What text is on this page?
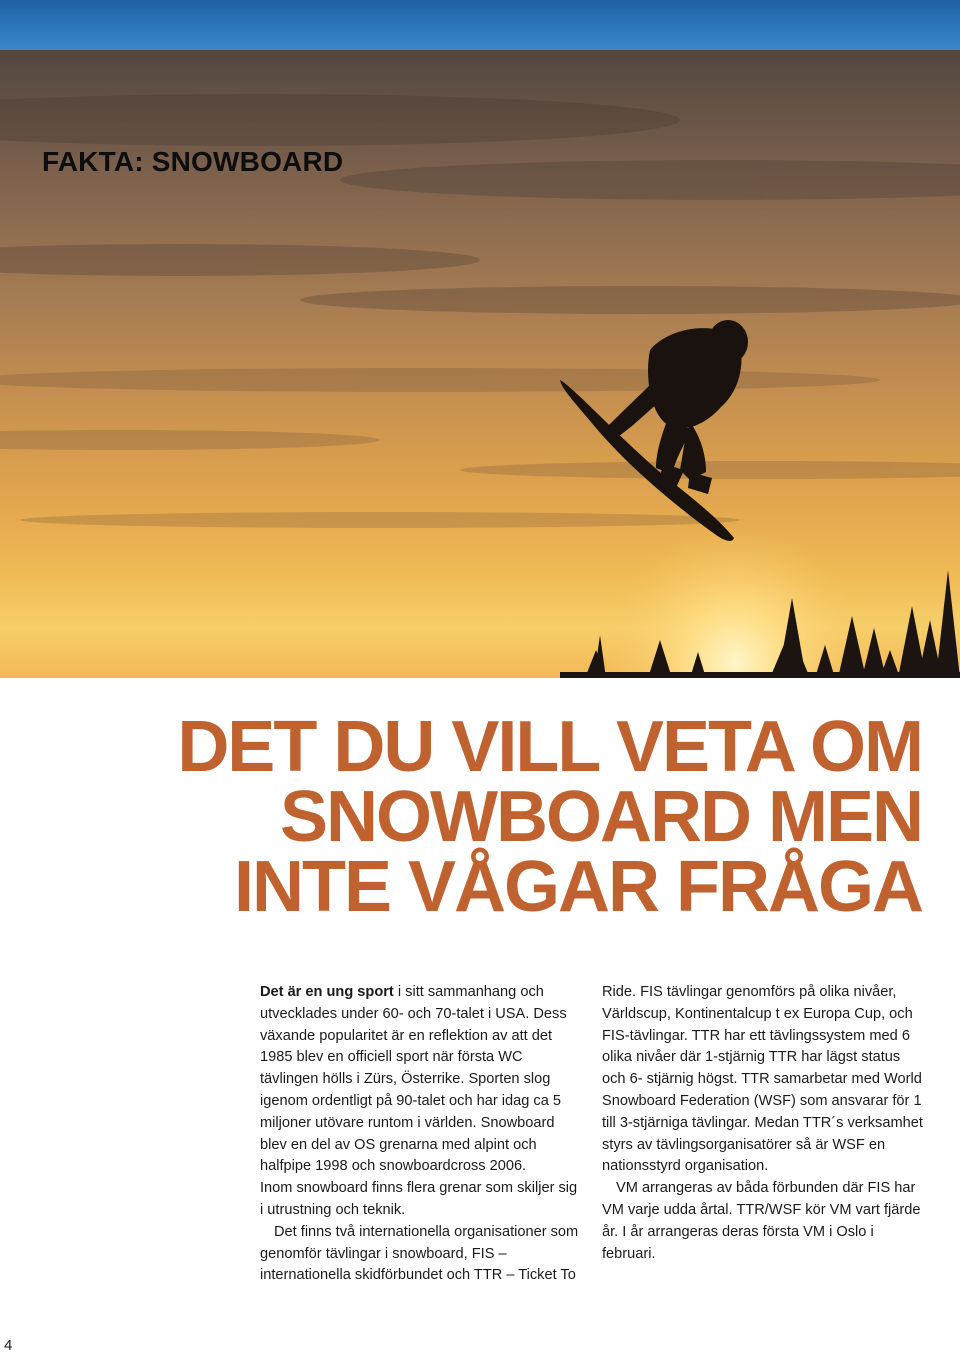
FAKTA: SNOWBOARD
DET DU VILL VETA OM
SNOWBOARD MEN
INTE VÅGAR FRÅGA

Det är en ung sport i sitt sammanhang och utvecklades under 60- och 70-talet i USA. Dess växande popularitet är en reflektion av att det 1985 blev en officiell sport när första WC tävlingen hölls i Zürs, Österrike. Sporten slog igenom ordentligt på 90-talet och har idag ca 5 miljoner utövare runtom i världen. Snowboard blev en del av OS grenarna med alpint och halfpipe 1998 och snowboardcross 2006.

Inom snowboard finns flera grenar som skiljer sig i utrustning och teknik.

Det finns två internationella organisationer som genomför tävlingar i snowboard, FIS – internationella skidförbundet och TTR – Ticket To

Ride. FIS tävlingar genomförs på olika nivåer, Världscup, Kontinentalcup t ex Europa Cup, och FIS-tävlingar. TTR har ett tävlingssystem med 6 olika nivåer där 1-stjärnig TTR har lägst status och 6- stjärnig högst. TTR samarbetar med World Snowboard Federation (WSF) som ansvarar för 1 till 3-stjärniga tävlingar. Medan TTR´s verksamhet styrs av tävlingsorganisatörer så är WSF en nationsstyrd organisation.

VM arrangeras av båda förbunden där FIS har VM varje udda årtal. TTR/WSF kör VM vart fjärde år. I år arrangeras deras första VM i Oslo i februari.

4
